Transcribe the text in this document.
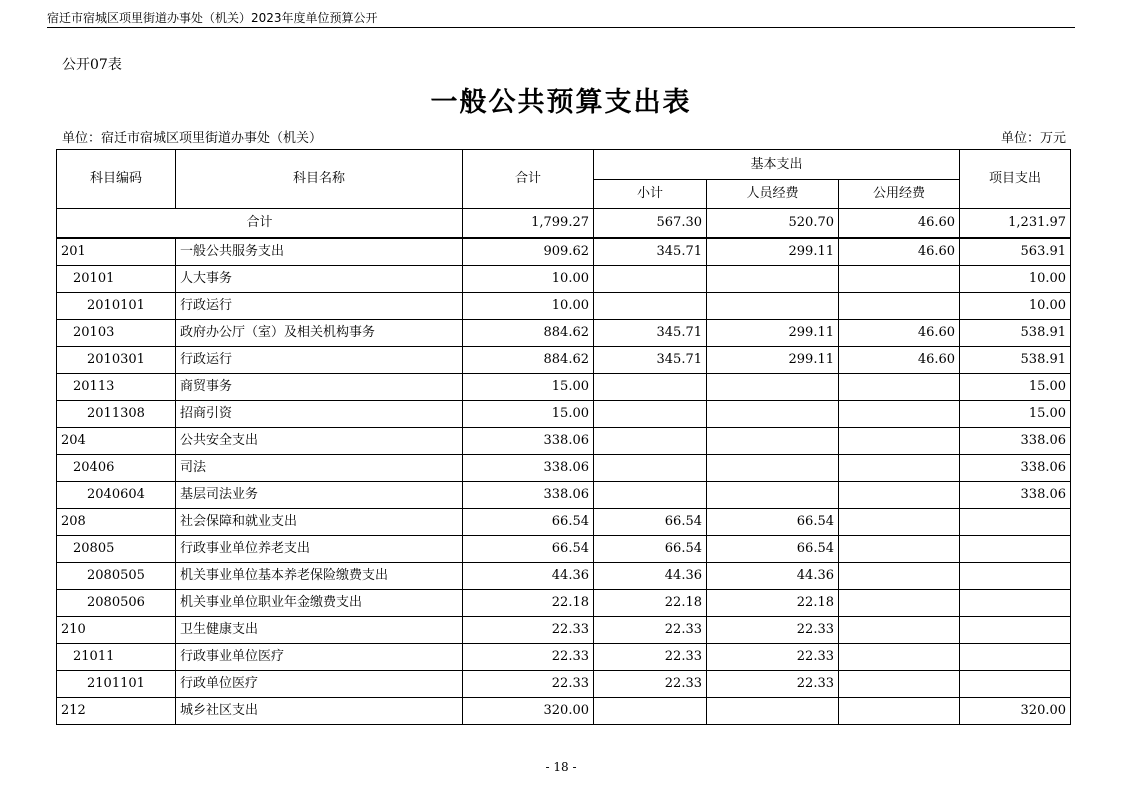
宿迁市宿城区项里街道办事处（机关）2023年度单位预算公开
公开07表
一般公共预算支出表
单位：宿迁市宿城区项里街道办事处（机关）	单位：万元
科目编码	科目名称	合计	基本支出			项目支出
			小计	人员经费	公用经费	
合计		1,799.27	567.30	520.70	46.60	1,231.97
201	一般公共服务支出	909.62	345.71	299.11	46.60	563.91
20101	人大事务	10.00				10.00
2010101	行政运行	10.00				10.00
20103	政府办公厅（室）及相关机构事务	884.62	345.71	299.11	46.60	538.91
2010301	行政运行	884.62	345.71	299.11	46.60	538.91
20113	商贸事务	15.00				15.00
2011308	招商引资	15.00				15.00
204	公共安全支出	338.06				338.06
20406	司法	338.06				338.06
2040604	基层司法业务	338.06				338.06
208	社会保障和就业支出	66.54	66.54	66.54		
20805	行政事业单位养老支出	66.54	66.54	66.54		
2080505	机关事业单位基本养老保险缴费支出	44.36	44.36	44.36		
2080506	机关事业单位职业年金缴费支出	22.18	22.18	22.18		
210	卫生健康支出	22.33	22.33	22.33		
21011	行政事业单位医疗	22.33	22.33	22.33		
2101101	行政单位医疗	22.33	22.33	22.33		
212	城乡社区支出	320.00				320.00
- 18 -
